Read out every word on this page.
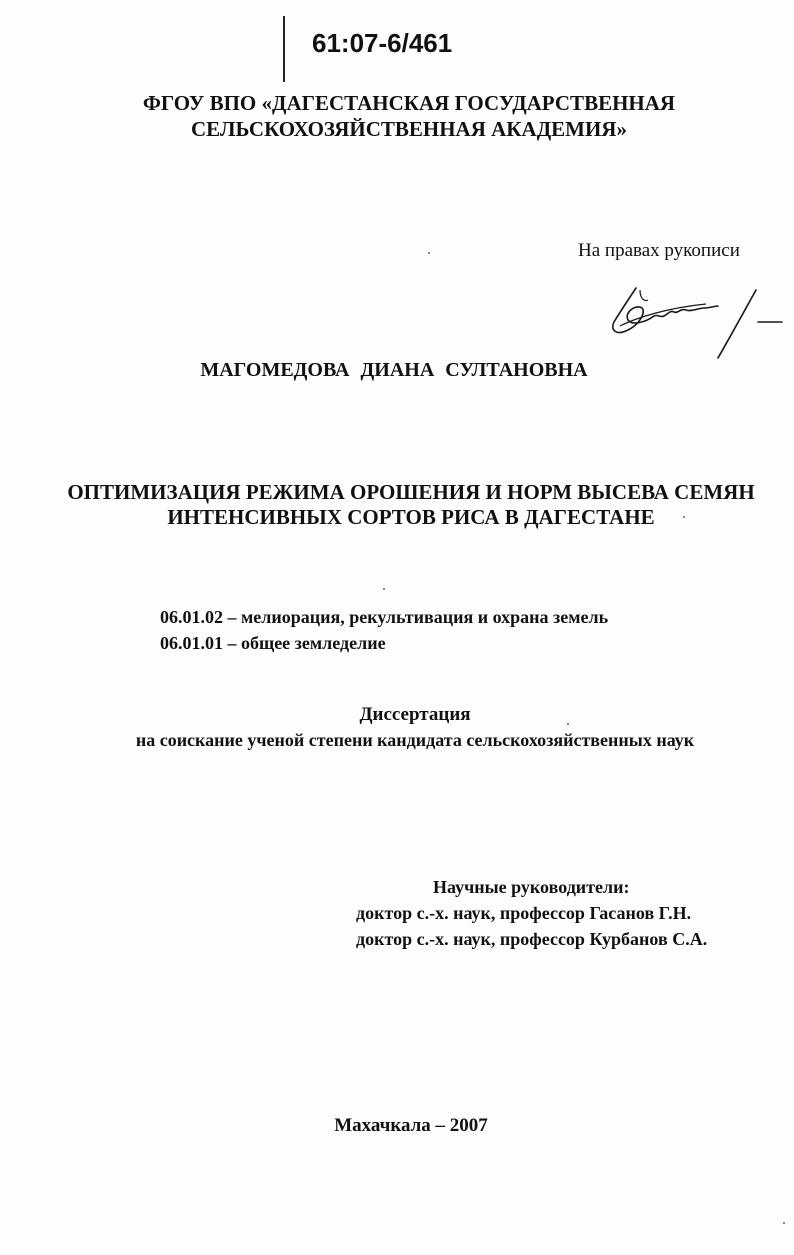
61:07-6/461
ФГОУ ВПО «ДАГЕСТАНСКАЯ ГОСУДАРСТВЕННАЯ
СЕЛЬСКОХОЗЯЙСТВЕННАЯ АКАДЕМИЯ»
На правах рукописи
МАГОМЕДОВА ДИАНА СУЛТАНОВНА
ОПТИМИЗАЦИЯ РЕЖИМА ОРОШЕНИЯ И НОРМ ВЫСЕВА СЕМЯН
ИНТЕНСИВНЫХ СОРТОВ РИСА В ДАГЕСТАНЕ
06.01.02 – мелиорация, рекультивация и охрана земель
06.01.01 – общее земледелие
Диссертация
на соискание ученой степени кандидата сельскохозяйственных наук
Научные руководители:
доктор с.-х. наук, профессор Гасанов Г.Н.
доктор с.-х. наук, профессор Курбанов С.А.
Махачкала – 2007
